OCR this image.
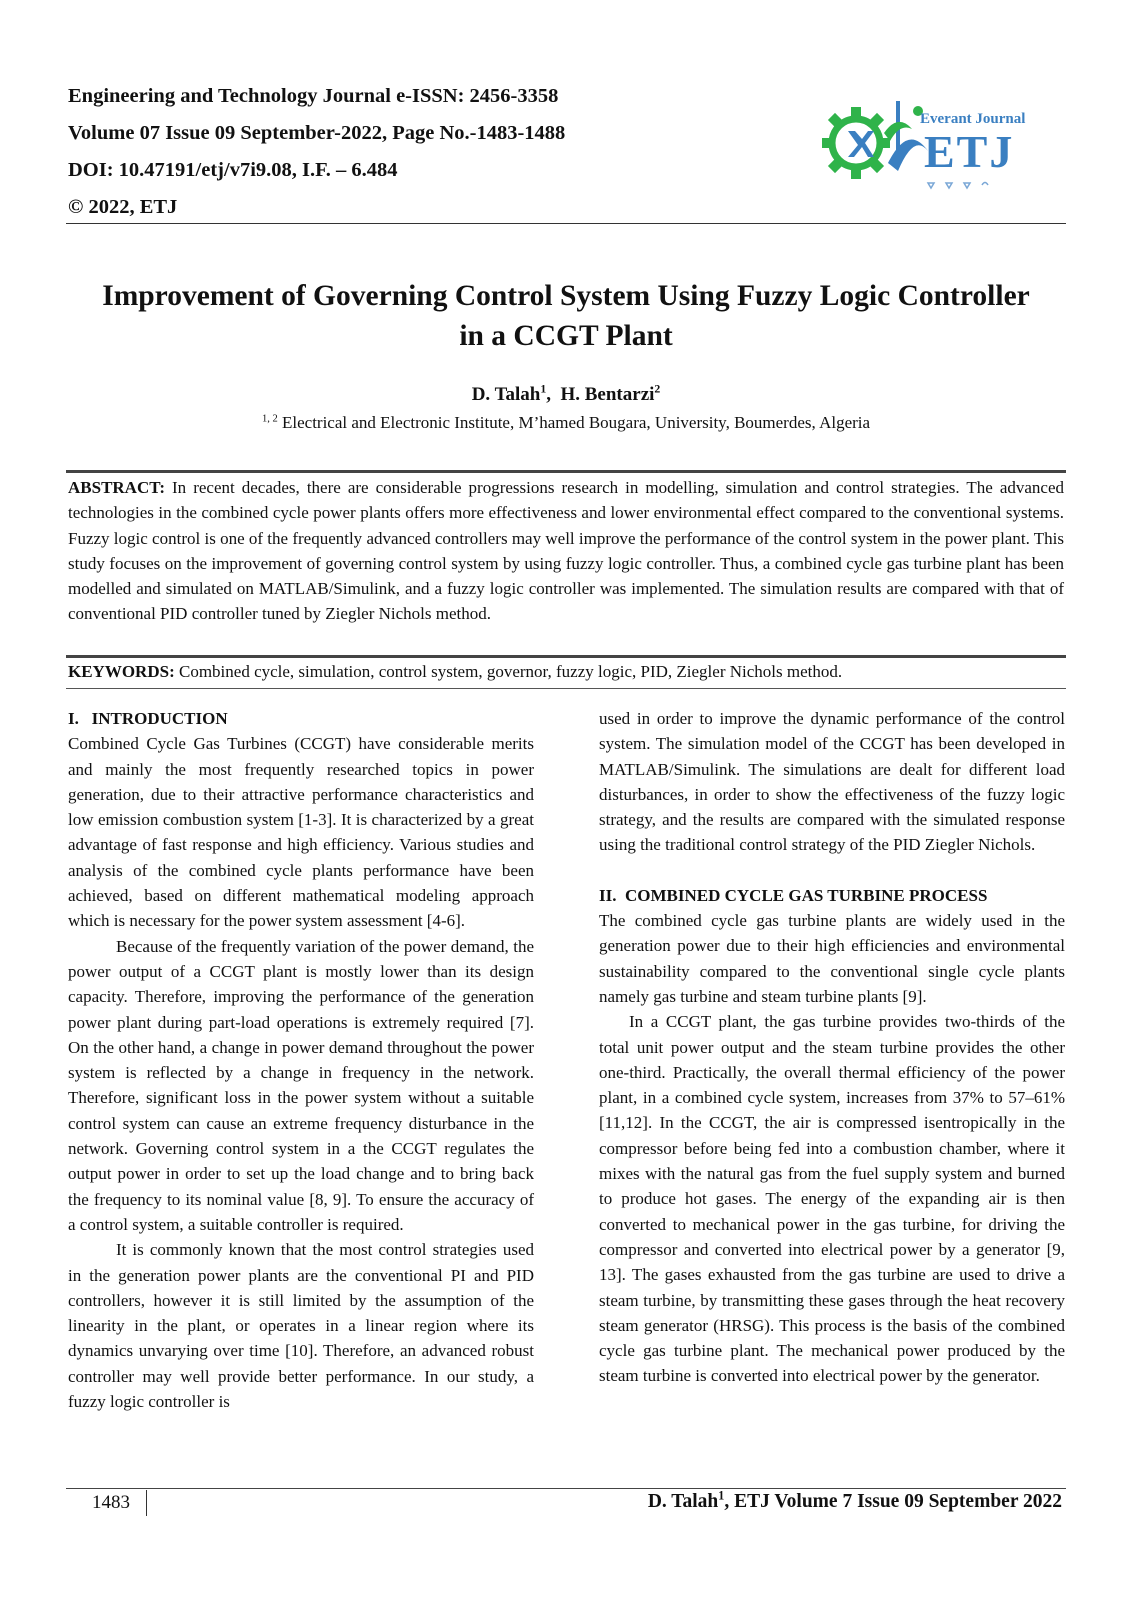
Engineering and Technology Journal e-ISSN: 2456-3358
Volume 07 Issue 09 September-2022, Page No.-1483-1488
DOI: 10.47191/etj/v7i9.08, I.F. – 6.484
© 2022, ETJ
Everant Journal
ETJ
Improvement of Governing Control System Using Fuzzy Logic Controller
in a CCGT Plant
D. Talah$^1$,  H. Bentarzi$^2$
$^{1, 2}$ Electrical and Electronic Institute, M’hamed Bougara, University, Boumerdes, Algeria
ABSTRACT: In recent decades, there are considerable progressions research in modelling, simulation and control strategies. The advanced technologies in the combined cycle power plants offers more effectiveness and lower environmental effect compared to the conventional systems. Fuzzy logic control is one of the frequently advanced controllers may well improve the performance of the control system in the power plant. This study focuses on the improvement of governing control system by using fuzzy logic controller. Thus, a combined cycle gas turbine plant has been modelled and simulated on MATLAB/Simulink, and a fuzzy logic controller was implemented. The simulation results are compared with that of conventional PID controller tuned by Ziegler Nichols method.
KEYWORDS: Combined cycle, simulation, control system, governor, fuzzy logic, PID, Ziegler Nichols method.
I.   INTRODUCTION

Combined Cycle Gas Turbines (CCGT) have considerable merits and mainly the most frequently researched topics in power generation, due to their attractive performance characteristics and low emission combustion system [1-3]. It is characterized by a great advantage of fast response and high efficiency. Various studies and analysis of the combined cycle plants performance have been achieved, based on different mathematical modeling approach which is necessary for the power system assessment [4-6].

Because of the frequently variation of the power demand, the power output of a CCGT plant is mostly lower than its design capacity. Therefore, improving the performance of the generation power plant during part-load operations is extremely required [7]. On the other hand, a change in power demand throughout the power system is reflected by a change in frequency in the network. Therefore, significant loss in the power system without a suitable control system can cause an extreme frequency disturbance in the network. Governing control system in a the CCGT regulates the output power in order to set up the load change and to bring back the frequency to its nominal value [8, 9]. To ensure the accuracy of a control system, a suitable controller is required.

It is commonly known that the most control strategies used in the generation power plants are the conventional PI and PID controllers, however it is still limited by the assumption of the linearity in the plant, or operates in a linear region where its dynamics unvarying over time [10]. Therefore, an advanced robust controller may well provide better performance. In our study, a fuzzy logic controller is

used in order to improve the dynamic performance of the control system. The simulation model of the CCGT has been developed in MATLAB/Simulink. The simulations are dealt for different load disturbances, in order to show the effectiveness of the fuzzy logic strategy, and the results are compared with the simulated response using the traditional control strategy of the PID Ziegler Nichols.

II.  COMBINED CYCLE GAS TURBINE PROCESS

The combined cycle gas turbine plants are widely used in the generation power due to their high efficiencies and environmental sustainability compared to the conventional single cycle plants namely gas turbine and steam turbine plants [9].

In a CCGT plant, the gas turbine provides two-thirds of the total unit power output and the steam turbine provides the other one-third. Practically, the overall thermal efficiency of the power plant, in a combined cycle system, increases from 37% to 57–61% [11,12]. In the CCGT, the air is compressed isentropically in the compressor before being fed into a combustion chamber, where it mixes with the natural gas from the fuel supply system and burned to produce hot gases. The energy of the expanding air is then converted to mechanical power in the gas turbine, for driving the compressor and converted into electrical power by a generator [9, 13]. The gases exhausted from the gas turbine are used to drive a steam turbine, by transmitting these gases through the heat recovery steam generator (HRSG). This process is the basis of the combined cycle gas turbine plant. The mechanical power produced by the steam turbine is converted into electrical power by the generator.

1483	D. Talah$^1$, ETJ Volume 7 Issue 09 September 2022
